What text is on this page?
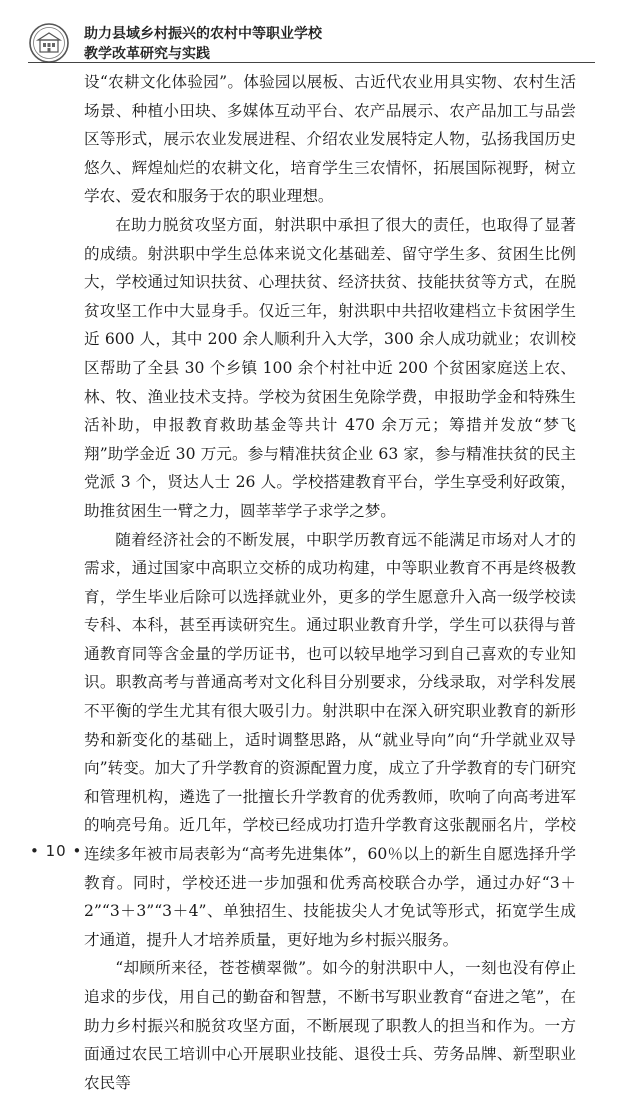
助力县域乡村振兴的农村中等职业学校
教学改革研究与实践

设“农耕文化体验园”。体验园以展板、古近代农业用具实物、农村生活场景、种植小田块、多媒体互动平台、农产品展示、农产品加工与品尝区等形式，展示农业发展进程、介绍农业发展特定人物，弘扬我国历史悠久、辉煌灿烂的农耕文化，培育学生三农情怀，拓展国际视野，树立学农、爱农和服务于农的职业理想。

在助力脱贫攻坚方面，射洪职中承担了很大的责任，也取得了显著的成绩。射洪职中学生总体来说文化基础差、留守学生多、贫困生比例大，学校通过知识扶贫、心理扶贫、经济扶贫、技能扶贫等方式，在脱贫攻坚工作中大显身手。仅近三年，射洪职中共招收建档立卡贫困学生近 600 人，其中 200 余人顺利升入大学，300 余人成功就业；农训校区帮助了全县 30 个乡镇 100 余个村社中近 200 个贫困家庭送上农、林、牧、渔业技术支持。学校为贫困生免除学费，申报助学金和特殊生活补助，申报教育救助基金等共计 470 余万元；筹措并发放“梦飞翔”助学金近 30 万元。参与精准扶贫企业 63 家，参与精准扶贫的民主党派 3 个，贤达人士 26 人。学校搭建教育平台，学生享受利好政策，助推贫困生一臂之力，圆莘莘学子求学之梦。

随着经济社会的不断发展，中职学历教育远不能满足市场对人才的需求，通过国家中高职立交桥的成功构建，中等职业教育不再是终极教育，学生毕业后除可以选择就业外，更多的学生愿意升入高一级学校读专科、本科，甚至再读研究生。通过职业教育升学，学生可以获得与普通教育同等含金量的学历证书，也可以较早地学习到自己喜欢的专业知识。职教高考与普通高考对文化科目分别要求，分线录取，对学科发展不平衡的学生尤其有很大吸引力。射洪职中在深入研究职业教育的新形势和新变化的基础上，适时调整思路，从“就业导向”向“升学就业双导向”转变。加大了升学教育的资源配置力度，成立了升学教育的专门研究和管理机构，遴选了一批擅长升学教育的优秀教师，吹响了向高考进军的响亮号角。近几年，学校已经成功打造升学教育这张靓丽名片，学校连续多年被市局表彰为“高考先进集体”，60％以上的新生自愿选择升学教育。同时，学校还进一步加强和优秀高校联合办学，通过办好“3＋2”“3＋3”“3＋4”、单独招生、技能拔尖人才免试等形式，拓宽学生成才通道，提升人才培养质量，更好地为乡村振兴服务。

“却顾所来径，苍苍横翠微”。如今的射洪职中人，一刻也没有停止追求的步伐，用自己的勤奋和智慧，不断书写职业教育“奋进之笔”，在助力乡村振兴和脱贫攻坚方面，不断展现了职教人的担当和作为。一方面通过农民工培训中心开展职业技能、退役士兵、劳务品牌、新型职业农民等

• 10 •
